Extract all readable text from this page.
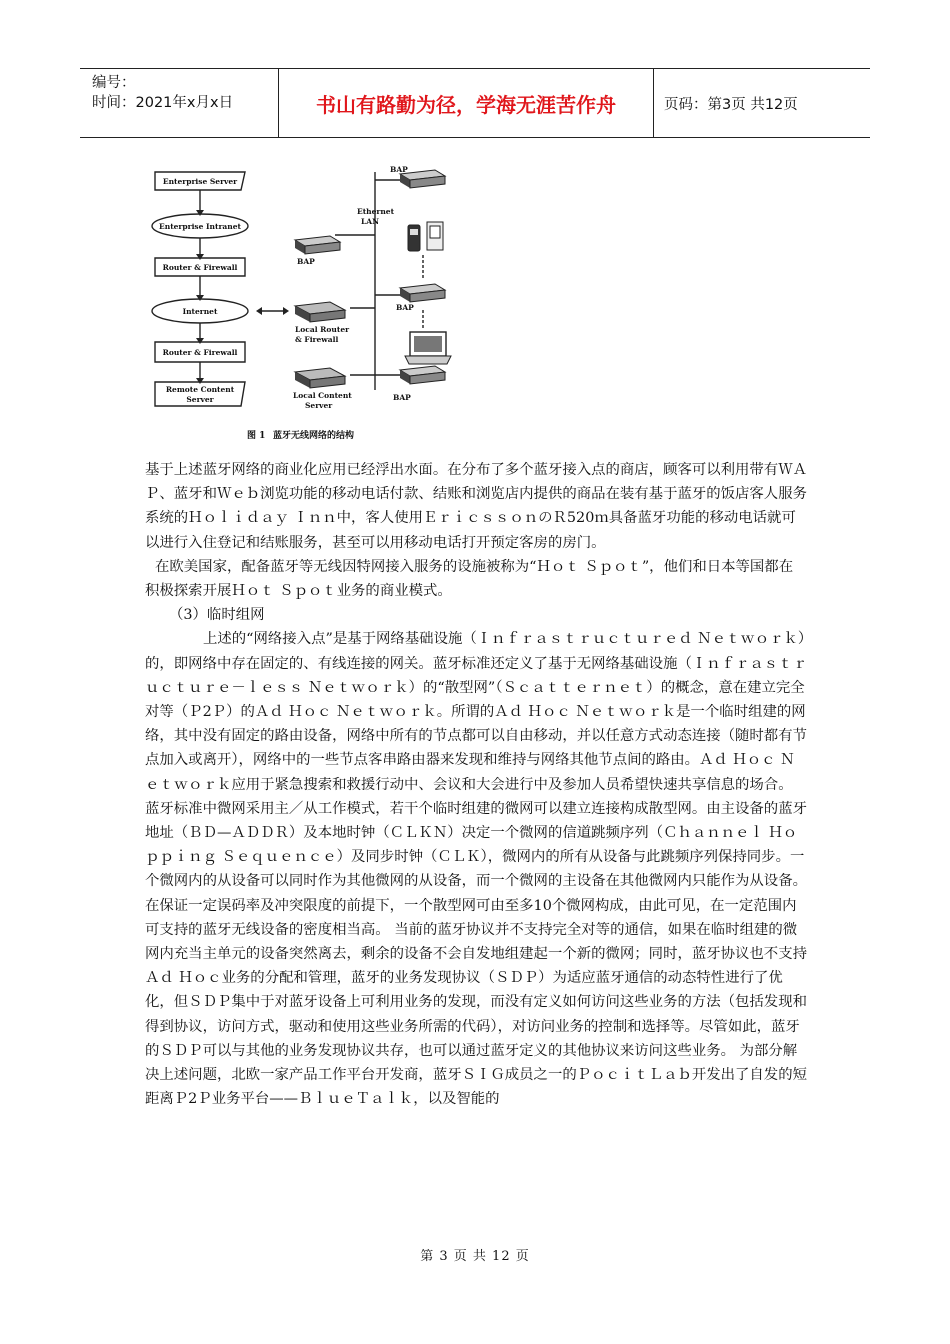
编号：
时间：2021年x月x日	书山有路勤为径，学海无涯苦作舟	页码：第3页 共12页
Enterprise Server
Enterprise Intranet
Router & Firewall
Internet
Router & Firewall
Remote Content
Server
BAP
Ethernet
LAN
BAP
BAP
Local Router
& Firewall
Local Content
Server
BAP
图 1 蓝牙无线网络的结构

基于上述蓝牙网络的商业化应用已经浮出水面。在分布了多个蓝牙接入点的商店，顾客可以利用带有ＷＡＰ、蓝牙和Ｗｅｂ浏览功能的移动电话付款、结账和浏览店内提供的商品在装有基于蓝牙的饭店客人服务系统的Ｈｏｌｉｄａｙ Ｉｎｎ中，客人使用ＥｒｉｃｓｓｏｎのＲ520ｍ具备蓝牙功能的移动电话就可以进行入住登记和结账服务，甚至可以用移动电话打开预定客房的房门。

在欧美国家，配备蓝牙等无线因特网接入服务的设施被称为“Ｈｏｔ Ｓｐｏｔ”，他们和日本等国都在积极探索开展Ｈｏｔ Ｓｐｏｔ业务的商业模式。

（3）临时组网

上述的“网络接入点”是基于网络基础设施（Ｉｎｆｒａｓｔｒｕｃｔｕｒｅｄ Ｎｅｔｗｏｒｋ）的，即网络中存在固定的、有线连接的网关。蓝牙标准还定义了基于无网络基础设施（Ｉｎｆｒａｓｔｒｕｃｔｕｒｅ－ｌｅｓｓ Ｎｅｔｗｏｒｋ）的“散型网”（Ｓｃａｔｔｅｒｎｅｔ）的概念，意在建立完全对等（Ｐ2Ｐ）的Ａｄ Ｈｏｃ Ｎｅｔｗｏｒｋ。所谓的Ａｄ Ｈｏｃ Ｎｅｔｗｏｒｋ是一个临时组建的网络，其中没有固定的路由设备，网络中所有的节点都可以自由移动，并以任意方式动态连接（随时都有节点加入或离开），网络中的一些节点客串路由器来发现和维持与网络其他节点间的路由。Ａｄ Ｈｏｃ Ｎｅｔｗｏｒｋ应用于紧急搜索和救援行动中、会议和大会进行中及参加人员希望快速共享信息的场合。 蓝牙标准中微网采用主／从工作模式，若干个临时组建的微网可以建立连接构成散型网。由主设备的蓝牙地址（ＢＤ—ＡＤＤＲ）及本地时钟（ＣＬＫＮ）决定一个微网的信道跳频序列（Ｃｈａｎｎｅｌ Ｈｏｐｐｉｎｇ Ｓｅｑｕｅｎｃｅ）及同步时钟（ＣＬＫ），微网内的所有从设备与此跳频序列保持同步。一个微网内的从设备可以同时作为其他微网的从设备，而一个微网的主设备在其他微网内只能作为从设备。在保证一定误码率及冲突限度的前提下，一个散型网可由至多10个微网构成，由此可见，在一定范围内可支持的蓝牙无线设备的密度相当高。 当前的蓝牙协议并不支持完全对等的通信，如果在临时组建的微网内充当主单元的设备突然离去，剩余的设备不会自发地组建起一个新的微网；同时，蓝牙协议也不支持Ａｄ Ｈｏｃ业务的分配和管理，蓝牙的业务发现协议（ＳＤＰ）为适应蓝牙通信的动态特性进行了优化，但ＳＤＰ集中于对蓝牙设备上可利用业务的发现，而没有定义如何访问这些业务的方法（包括发现和得到协议，访问方式，驱动和使用这些业务所需的代码），对访问业务的控制和选择等。尽管如此，蓝牙的ＳＤＰ可以与其他的业务发现协议共存，也可以通过蓝牙定义的其他协议来访问这些业务。 为部分解决上述问题，北欧一家产品工作平台开发商，蓝牙ＳＩＧ成员之一的ＰｏｃｉｔＬａｂ开发出了自发的短距离Ｐ2Ｐ业务平台——ＢｌｕｅＴａｌｋ，以及智能的

第 3 页 共 12 页
